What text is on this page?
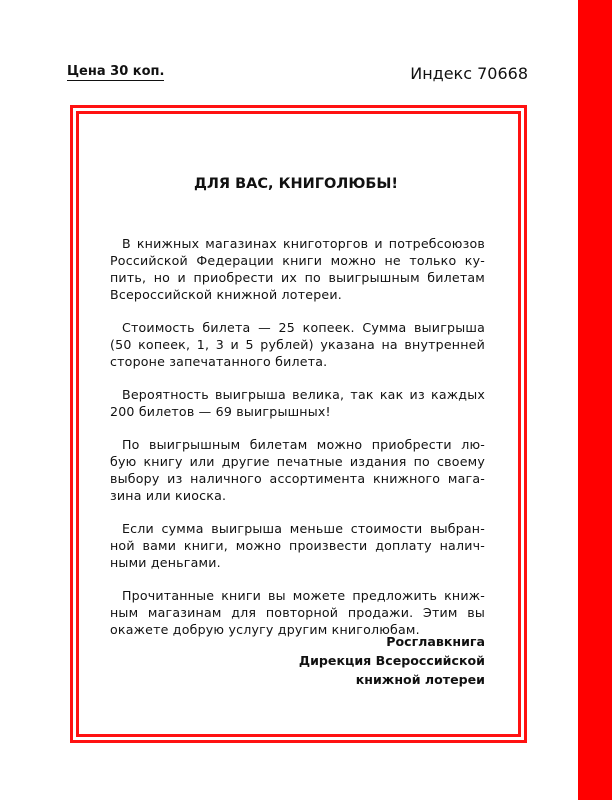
Цена 30 коп.	Индекс 70668
ДЛЯ ВАС, КНИГОЛЮБЫ!
В книжных магазинах книготоргов и потребсоюзов
Российской Федерации книги можно не только ку-
пить, но и приобрести их по выигрышным билетам
Всероссийской книжной лотереи.
Стоимость билета — 25 копеек. Сумма выигрыша
(50 копеек, 1, 3 и 5 рублей) указана на внутренней
стороне запечатанного билета.
Вероятность выигрыша велика, так как из каждых
200 билетов — 69 выигрышных!
По выигрышным билетам можно приобрести лю-
бую книгу или другие печатные издания по своему
выбору из наличного ассортимента книжного мага-
зина или киоска.
Если сумма выигрыша меньше стоимости выбран-
ной вами книги, можно произвести доплату налич-
ными деньгами.
Прочитанные книги вы можете предложить книж-
ным магазинам для повторной продажи. Этим вы
окажете добрую услугу другим книголюбам.
Росглавкнига
Дирекция Всероссийской
книжной лотереи
